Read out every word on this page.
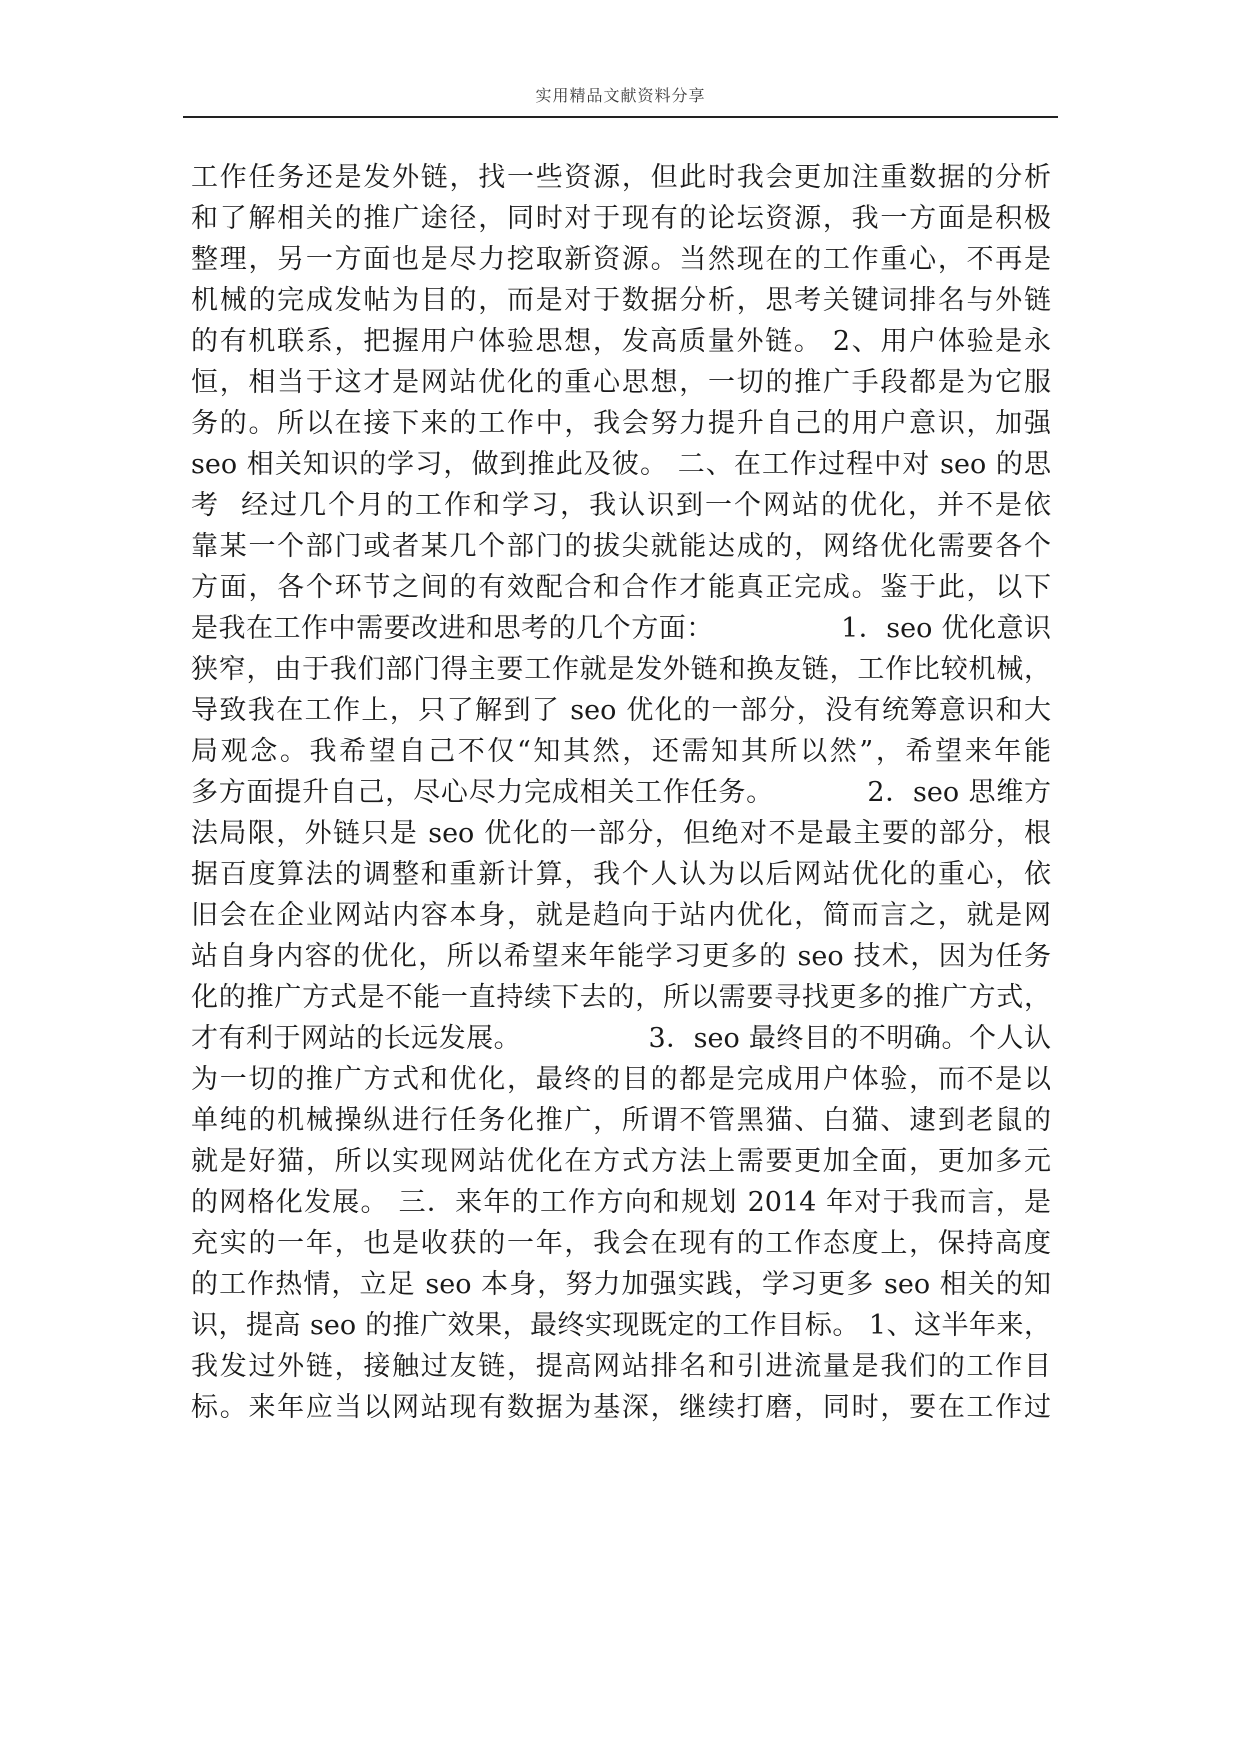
实用精品文献资料分享
工作任务还是发外链，找一些资源，但此时我会更加注重数据的分析
和了解相关的推广途径，同时对于现有的论坛资源，我一方面是积极
整理，另一方面也是尽力挖取新资源。当然现在的工作重心，不再是
机械的完成发帖为目的，而是对于数据分析，思考关键词排名与外链
的有机联系，把握用户体验思想，发高质量外链。 2、用户体验是永
恒，相当于这才是网站优化的重心思想，一切的推广手段都是为它服
务的。所以在接下来的工作中，我会努力提升自己的用户意识，加强
seo 相关知识的学习，做到推此及彼。 二、在工作过程中对 seo 的思
考  经过几个月的工作和学习，我认识到一个网站的优化，并不是依
靠某一个部门或者某几个部门的拔尖就能达成的，网络优化需要各个
方面，各个环节之间的有效配合和合作才能真正完成。鉴于此，以下
是我在工作中需要改进和思考的几个方面：              1．seo 优化意识
狭窄，由于我们部门得主要工作就是发外链和换友链，工作比较机械，
导致我在工作上，只了解到了 seo 优化的一部分，没有统筹意识和大
局观念。我希望自己不仅“知其然，还需知其所以然”，希望来年能
多方面提升自己，尽心尽力完成相关工作任务。          2．seo 思维方
法局限，外链只是 seo 优化的一部分，但绝对不是最主要的部分，根
据百度算法的调整和重新计算，我个人认为以后网站优化的重心，依
旧会在企业网站内容本身，就是趋向于站内优化，简而言之，就是网
站自身内容的优化，所以希望来年能学习更多的 seo 技术，因为任务
化的推广方式是不能一直持续下去的，所以需要寻找更多的推广方式，
才有利于网站的长远发展。              3．seo 最终目的不明确。个人认
为一切的推广方式和优化，最终的目的都是完成用户体验，而不是以
单纯的机械操纵进行任务化推广，所谓不管黑猫、白猫、逮到老鼠的
就是好猫，所以实现网站优化在方式方法上需要更加全面，更加多元
的网格化发展。 三．来年的工作方向和规划 2014 年对于我而言，是
充实的一年，也是收获的一年，我会在现有的工作态度上，保持高度
的工作热情，立足 seo 本身，努力加强实践，学习更多 seo 相关的知
识，提高 seo 的推广效果，最终实现既定的工作目标。 1、这半年来，
我发过外链，接触过友链，提高网站排名和引进流量是我们的工作目
标。来年应当以网站现有数据为基深，继续打磨，同时，要在工作过
